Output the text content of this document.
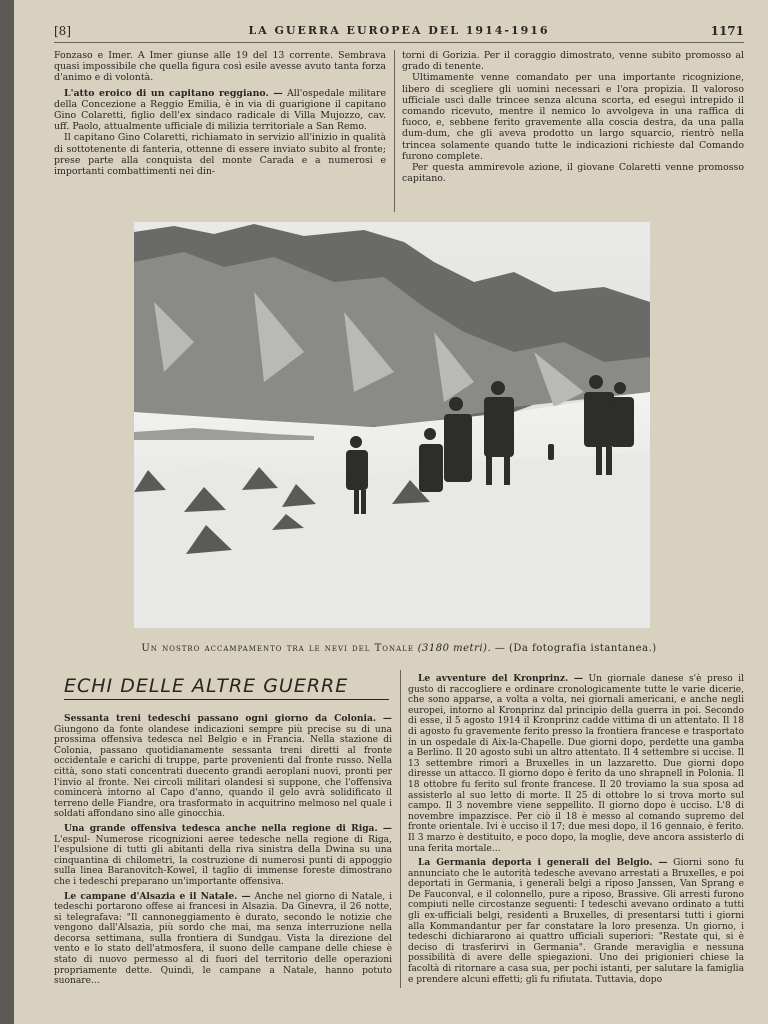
[8]	LA GUERRA EUROPEA DEL 1914-1916	1171

Fonzaso e Imer. A Imer giunse alle 19 del 13 corrente. Sembrava quasi impossibile che quella figura così esile avesse avuto tanta forza d'animo e di volontà.

L'atto eroico di un capitano reggiano. — All'ospedale militare della Concezione a Reggio Emilia, è in via di guarigione il capitano Gino Colaretti, figlio dell'ex sindaco radicale di Villa Mujozzo, cav. uff. Paolo, attualmente ufficiale di milizia territoriale a San Remo.

Il capitano Gino Colaretti, richiamato in servizio all'inizio in qualità di sottotenente di fanteria, ottenne di essere inviato subito al fronte; prese parte alla conquista del monte Carada e a numerosi e importanti combattimenti nei din-

torni di Gorizia. Per il coraggio dimostrato, venne subito promosso al grado di tenente.

Ultimamente venne comandato per una importante ricognizione, libero di scegliere gli uomini necessari e l'ora propizia. Il valoroso ufficiale uscì dalle trincee senza alcuna scorta, ed eseguì intrepido il comando ricevuto, mentre il nemico lo avvolgeva in una raffica di fuoco, e, sebbene ferito gravemente alla coscia destra, da una palla dum-dum, che gli aveva prodotto un largo squarcio, rientrò nella trincea solamente quando tutte le indicazioni richieste dal Comando furono complete.

Per questa ammirevole azione, il giovane Colaretti venne promosso capitano.

Un nostro accampamento tra le nevi del Tonale (3180 metri). — (Da fotografia istantanea.)
ECHI DELLE ALTRE GUERRE

Sessanta treni tedeschi passano ogni giorno da Colonia. — Giungono da fonte olandese indicazioni sempre più precise su di una prossima offensiva tedesca nel Belgio e in Francia. Nella stazione di Colonia, passano quotidianamente sessanta treni diretti al fronte occidentale e carichi di truppe, parte provenienti dal fronte russo. Nella città, sono stati concentrati duecento grandi aeroplani nuovi, pronti per l'invio al fronte. Nei circoli militari olandesi si suppone, che l'offensiva comincerà intorno al Capo d'anno, quando il gelo avrà solidificato il terreno delle Fiandre, ora trasformato in acquitrino melmoso nel quale i soldati affondano sino alle ginocchia.

Una grande offensiva tedesca anche nella regione di Riga. — L'espul- Numerose ricognizioni aeree tedesche nella regione di Riga, l'espulsione di tutti gli abitanti della riva sinistra della Dwina su una cinquantina di chilometri, la costruzione di numerosi punti di appoggio sulla linea Baranovitch-Kowel, il taglio di immense foreste dimostrano che i tedeschi preparano un'importante offensiva.

Le campane d'Alsazia e il Natale. — Anche nel giorno di Natale, i tedeschi portarono offese ai francesi in Alsazia. Da Ginevra, il 26 notte, si telegrafava: "Il cannoneggiamento è durato, secondo le notizie che vengono dall'Alsazia, più sordo che mai, ma senza interruzione nella decorsa settimana, sulla frontiera di Sundgau. Vista la direzione del vento e lo stato dell'atmosfera, il suono delle campane delle chiese è stato di nuovo permesso al di fuori del territorio delle operazioni propriamente dette. Quindi, le campane a Natale, hanno potuto suonare...

Le avventure del Kronprinz. — Un giornale danese s'è preso il gusto di raccogliere e ordinare cronologicamente tutte le varie dicerie, che sono apparse, a volta a volta, nei giornali americani, e anche negli europei, intorno al Kronprinz dal principio della guerra in poi. Secondo di esse, il 5 agosto 1914 il Kronprinz cadde vittima di un attentato. Il 18 di agosto fu gravemente ferito presso la frontiera francese e trasportato in un ospedale di Aix-la-Chapelle. Due giorni dopo, perdette una gamba a Berlino. Il 20 agosto subì un altro attentato. Il 4 settembre si uccise. Il 13 settembre rimorì a Bruxelles in un lazzaretto. Due giorni dopo diresse un attacco. Il giorno dopo è ferito da uno shrapnell in Polonia. Il 18 ottobre fu ferito sul fronte francese. Il 20 troviamo la sua sposa ad assisterlo al suo letto di morte. Il 25 di ottobre lo si trova morto sul campo. Il 3 novembre viene seppellito. Il giorno dopo è ucciso. L'8 di novembre impazzisce. Per ciò il 18 è messo al comando supremo del fronte orientale. Ivi è ucciso il 17; due mesi dopo, il 16 gennaio, è ferito. Il 3 marzo è destituito, e poco dopo, la moglie, deve ancora assisterlo di una ferita mortale...

La Germania deporta i generali del Belgio. — Giorni sono fu annunciato che le autorità tedesche avevano arrestati a Bruxelles, e poi deportati in Germania, i generali belgi a riposo Janssen, Van Sprang e De Fauconval, e il colonnello, pure a riposo, Brassive. Gli arresti furono compiuti nelle circostanze seguenti: I tedeschi avevano ordinato a tutti gli ex-ufficiali belgi, residenti a Bruxelles, di presentarsi tutti i giorni alla Kommandantur per far constatare la loro presenza. Un giorno, i tedeschi dichiararono ai quattro ufficiali superiori: "Restate qui, si è deciso di trasferirvi in Germania". Grande meraviglia e nessuna possibilità di avere delle spiegazioni. Uno dei prigionieri chiese la facoltà di ritornare a casa sua, per pochi istanti, per salutare la famiglia e prendere alcuni effetti; gli fu rifiutata. Tuttavia, dopo
